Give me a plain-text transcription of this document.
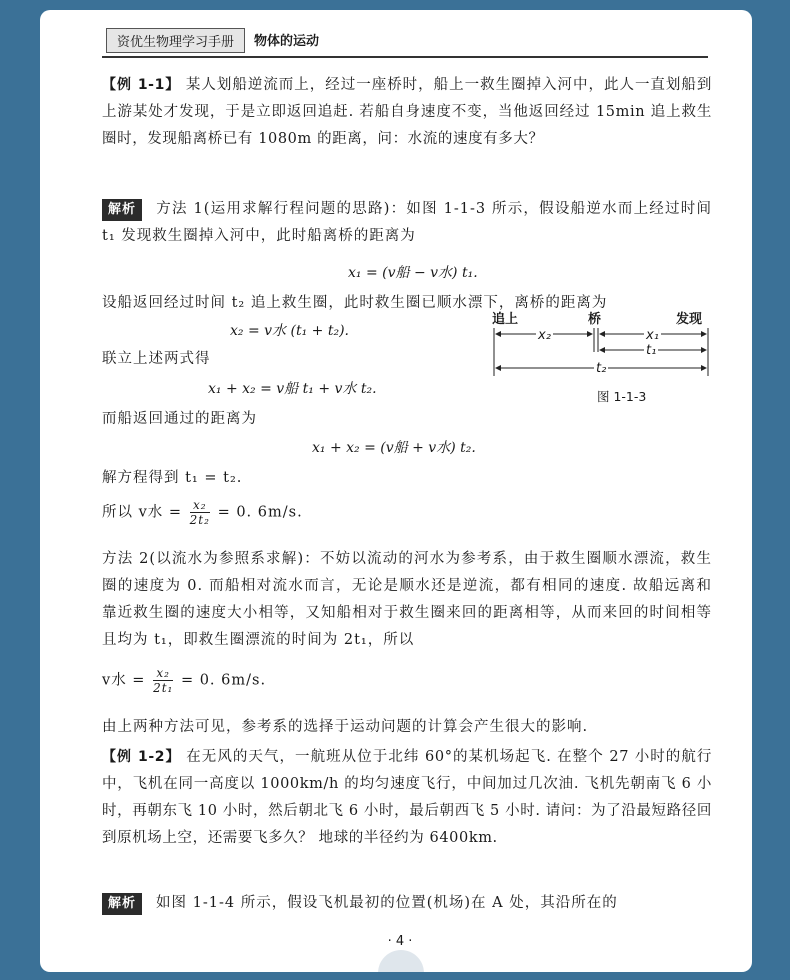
资优生物理学习手册	物体的运动
【例 1-1】 某人划船逆流而上，经过一座桥时，船上一救生圈掉入河中，此人一直划船到上游某处才发现，于是立即返回追赶. 若船自身速度不变，当他返回经过 15min 追上救生圈时，发现船离桥已有 1080m 的距离，问：水流的速度有多大？
解析 方法 1(运用求解行程问题的思路)：如图 1-1-3 所示，假设船逆水而上经过时间 t₁ 发现救生圈掉入河中，此时船离桥的距离为
x₁ = (v船 − v水) t₁.
设船返回经过时间 t₂ 追上救生圈，此时救生圈已顺水漂下，离桥的距离为
x₂ = v水 (t₁ + t₂).
联立上述两式得
x₁ + x₂ = v船 t₁ + v水 t₂.
而船返回通过的距离为
x₁ + x₂ = (v船 + v水) t₂.
解方程得到 t₁ = t₂.
所以 v水 = $\frac{\text{x₂}}{\text{2t₂}} = 0$. 6m/s.
追上	桥	发现
x₂	x₁
t₁
t₂
图 1-1-3
方法 2(以流水为参照系求解)：不妨以流动的河水为参考系，由于救生圈顺水漂流，救生圈的速度为 0. 而船相对流水而言，无论是顺水还是逆流，都有相同的速度. 故船远离和靠近救生圈的速度大小相等，又知船相对于救生圈来回的距离相等，从而来回的时间相等且均为 t₁，即救生圈漂流的时间为 2t₁，所以
v水 = $\frac{\text{x₂}}{\text{2t₁}} = 0$. 6m/s.
由上两种方法可见，参考系的选择于运动问题的计算会产生很大的影响.
【例 1-2】 在无风的天气，一航班从位于北纬 60°的某机场起飞. 在整个 27 小时的航行中，飞机在同一高度以 1000km/h 的均匀速度飞行，中间加过几次油. 飞机先朝南飞 6 小时，再朝东飞 10 小时，然后朝北飞 6 小时，最后朝西飞 5 小时. 请问：为了沿最短路径回到原机场上空，还需要飞多久？ 地球的半径约为 6400km.
解析 如图 1-1-4 所示，假设飞机最初的位置(机场)在 A 处，其沿所在的
· 4 ·
